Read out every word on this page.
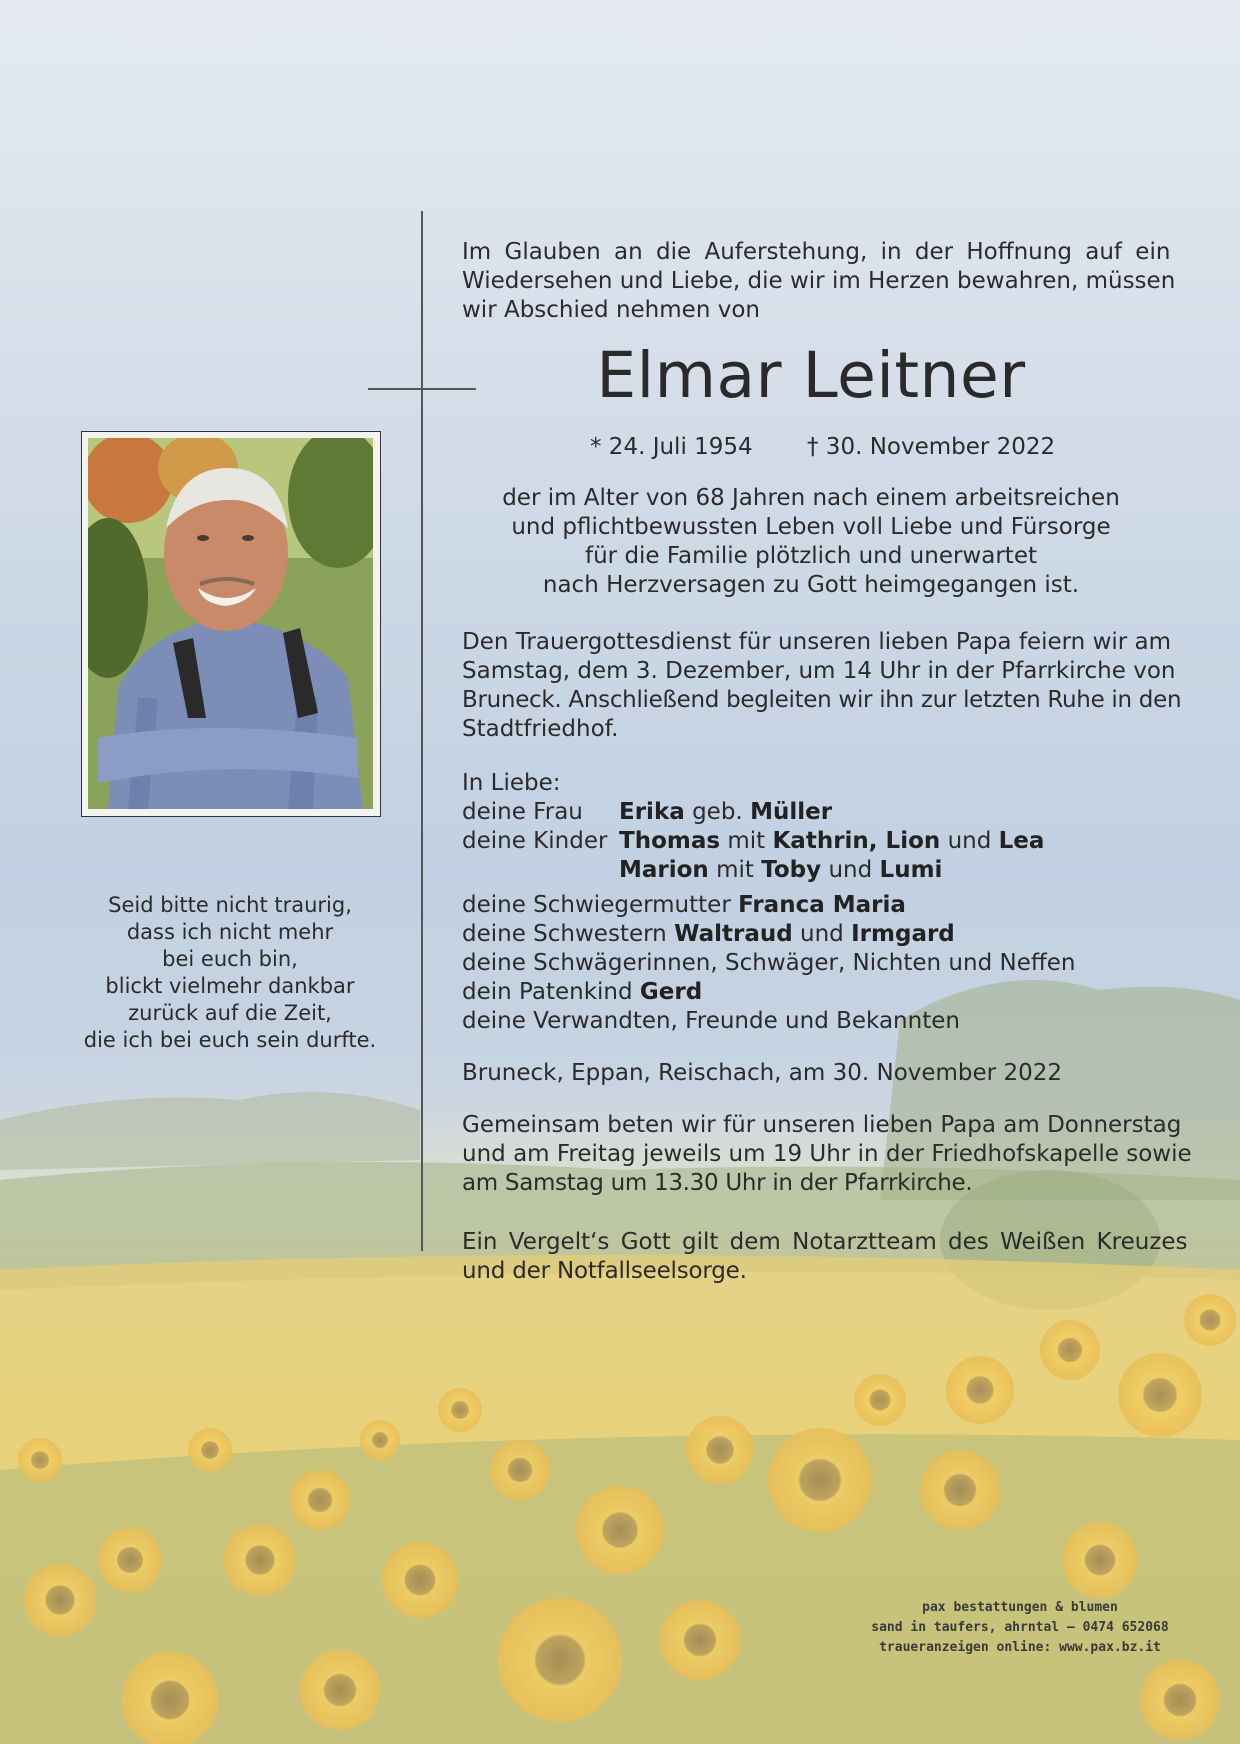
Seid bitte nicht traurig,
dass ich nicht mehr
bei euch bin,
blickt vielmehr dankbar
zurück auf die Zeit,
die ich bei euch sein durfte.
Im Glauben an die Auferstehung, in der Hoffnung auf ein
Wiedersehen und Liebe, die wir im Herzen bewahren, müssen
wir Abschied nehmen von
Elmar Leitner
* 24. Juli 1954 † 30. November 2022
der im Alter von 68 Jahren nach einem arbeitsreichen
und pflichtbewussten Leben voll Liebe und Fürsorge
für die Familie plötzlich und unerwartet
nach Herzversagen zu Gott heimgegangen ist.
Den Trauergottesdienst für unseren lieben Papa feiern wir am
Samstag, dem 3. Dezember, um 14 Uhr in der Pfarrkirche von
Bruneck. Anschließend begleiten wir ihn zur letzten Ruhe in den
Stadtfriedhof.
In Liebe:
deine Frau Erika geb. Müller
deine Kinder Thomas mit Kathrin, Lion und Lea
Marion mit Toby und Lumi
deine Schwiegermutter Franca Maria
deine Schwestern Waltraud und Irmgard
deine Schwägerinnen, Schwäger, Nichten und Neffen
dein Patenkind Gerd
deine Verwandten, Freunde und Bekannten
Bruneck, Eppan, Reischach, am 30. November 2022
Gemeinsam beten wir für unseren lieben Papa am Donnerstag
und am Freitag jeweils um 19 Uhr in der Friedhofskapelle sowie
am Samstag um 13.30 Uhr in der Pfarrkirche.
Ein Vergelt‘s Gott gilt dem Notarztteam des Weißen Kreuzes
und der Notfallseelsorge.
pax bestattungen & blumen
sand in taufers, ahrntal – 0474 652068
traueranzeigen online: www.pax.bz.it
